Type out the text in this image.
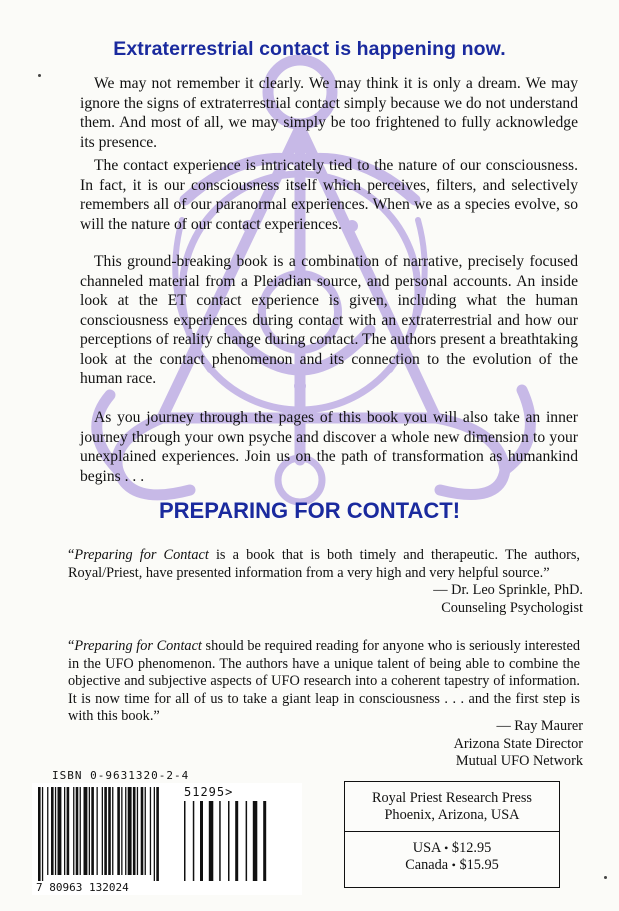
Extraterrestrial contact is happening now.

We may not remember it clearly. We may think it is only a dream. We may ignore the signs of extraterrestrial contact simply because we do not understand them. And most of all, we may simply be too frightened to fully acknowledge its presence.

The contact experience is intricately tied to the nature of our consciousness. In fact, it is our consciousness itself which perceives, filters, and selectively remembers all of our paranormal experiences. When we as a species evolve, so will the nature of our contact experiences.

This ground-breaking book is a combination of narrative, precisely focused channeled material from a Pleiadian source, and personal accounts. An inside look at the ET contact experience is given, including what the human consciousness experiences during contact with an extraterrestrial and how our perceptions of reality change during contact. The authors present a breathtaking look at the contact phenomenon and its connection to the evolution of the human race.

As you journey through the pages of this book you will also take an inner journey through your own psyche and discover a whole new dimension to your unexplained experiences. Join us on the path of transformation as humankind begins . . .

PREPARING FOR CONTACT!
“Preparing for Contact is a book that is both timely and therapeutic. The authors, Royal/Priest, have presented information from a very high and very helpful source.”
— Dr. Leo Sprinkle, PhD.
Counseling Psychologist
“Preparing for Contact should be required reading for anyone who is seriously interested in the UFO phenomenon. The authors have a unique talent of being able to combine the objective and subjective aspects of UFO research into a coherent tapestry of information. It is now time for all of us to take a giant leap in consciousness . . . and the first step is with this book.”
— Ray Maurer
Arizona State Director
Mutual UFO Network
ISBN 0-9631320-2-4
7 80963 132024
51295>	Royal Priest Research Press
Phoenix, Arizona, USA
USA • $12.95
Canada • $15.95
